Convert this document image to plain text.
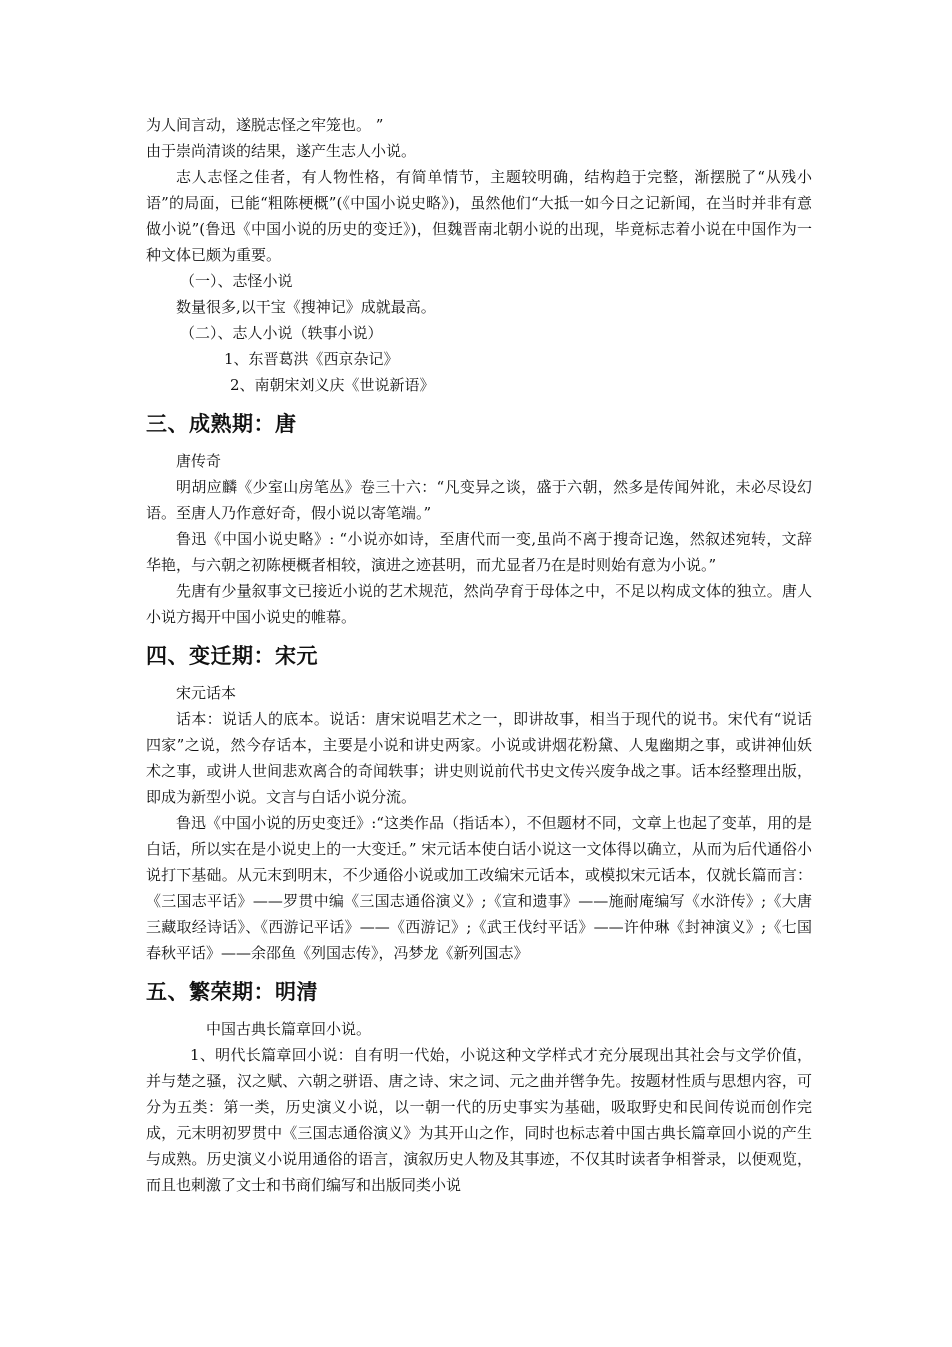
为人间言动，遂脱志怪之牢笼也。 ”

由于崇尚清谈的结果，遂产生志人小说。

志人志怪之佳者，有人物性格，有简单情节，主题较明确，结构趋于完整，渐摆脱了“从残小语”的局面，已能“粗陈梗概”(《中国小说史略》)，虽然他们“大抵一如今日之记新闻，在当时并非有意做小说”(鲁迅《中国小说的历史的变迁》)，但魏晋南北朝小说的出现，毕竟标志着小说在中国作为一种文体已颇为重要。

（一）、志怪小说

数量很多,以干宝《搜神记》成就最高。

（二）、志人小说（轶事小说）

1、东晋葛洪《西京杂记》

2、南朝宋刘义庆《世说新语》

三、成熟期：唐

唐传奇

明胡应麟《少室山房笔丛》卷三十六：“凡变异之谈，盛于六朝，然多是传闻舛讹，未必尽设幻语。至唐人乃作意好奇，假小说以寄笔端。”

鲁迅《中国小说史略》: “小说亦如诗，至唐代而一变,虽尚不离于搜奇记逸，然叙述宛转，文辞华艳，与六朝之初陈梗概者相较，演进之迹甚明，而尤显者乃在是时则始有意为小说。”

先唐有少量叙事文已接近小说的艺术规范，然尚孕育于母体之中，不足以构成文体的独立。唐人小说方揭开中国小说史的帷幕。

四、变迁期：宋元

宋元话本

话本：说话人的底本。说话：唐宋说唱艺术之一，即讲故事，相当于现代的说书。宋代有“说话四家”之说，然今存话本，主要是小说和讲史两家。小说或讲烟花粉黛、人鬼幽期之事，或讲神仙妖术之事，或讲人世间悲欢离合的奇闻轶事；讲史则说前代书史文传兴废争战之事。话本经整理出版，即成为新型小说。文言与白话小说分流。

鲁迅《中国小说的历史变迁》:“这类作品（指话本），不但题材不同，文章上也起了变革，用的是白话，所以实在是小说史上的一大变迁。” 宋元话本使白话小说这一文体得以确立，从而为后代通俗小说打下基础。从元末到明末，不少通俗小说或加工改编宋元话本，或模拟宋元话本，仅就长篇而言：《三国志平话》——罗贯中编《三国志通俗演义》;《宣和遗事》——施耐庵编写《水浒传》;《大唐三藏取经诗话》、《西游记平话》——《西游记》;《武王伐纣平话》——许仲琳《封神演义》;《七国春秋平话》——余邵鱼《列国志传》，冯梦龙《新列国志》

五、繁荣期：明清

中国古典长篇章回小说。

1、明代长篇章回小说：自有明一代始，小说这种文学样式才充分展现出其社会与文学价值，并与楚之骚，汉之赋、六朝之骈语、唐之诗、宋之词、元之曲并辔争先。按题材性质与思想内容，可分为五类：第一类，历史演义小说，以一朝一代的历史事实为基础，吸取野史和民间传说而创作完成，元末明初罗贯中《三国志通俗演义》为其开山之作，同时也标志着中国古典长篇章回小说的产生与成熟。历史演义小说用通俗的语言，演叙历史人物及其事迹，不仅其时读者争相誉录，以便观览，而且也刺激了文士和书商们编写和出版同类小说
